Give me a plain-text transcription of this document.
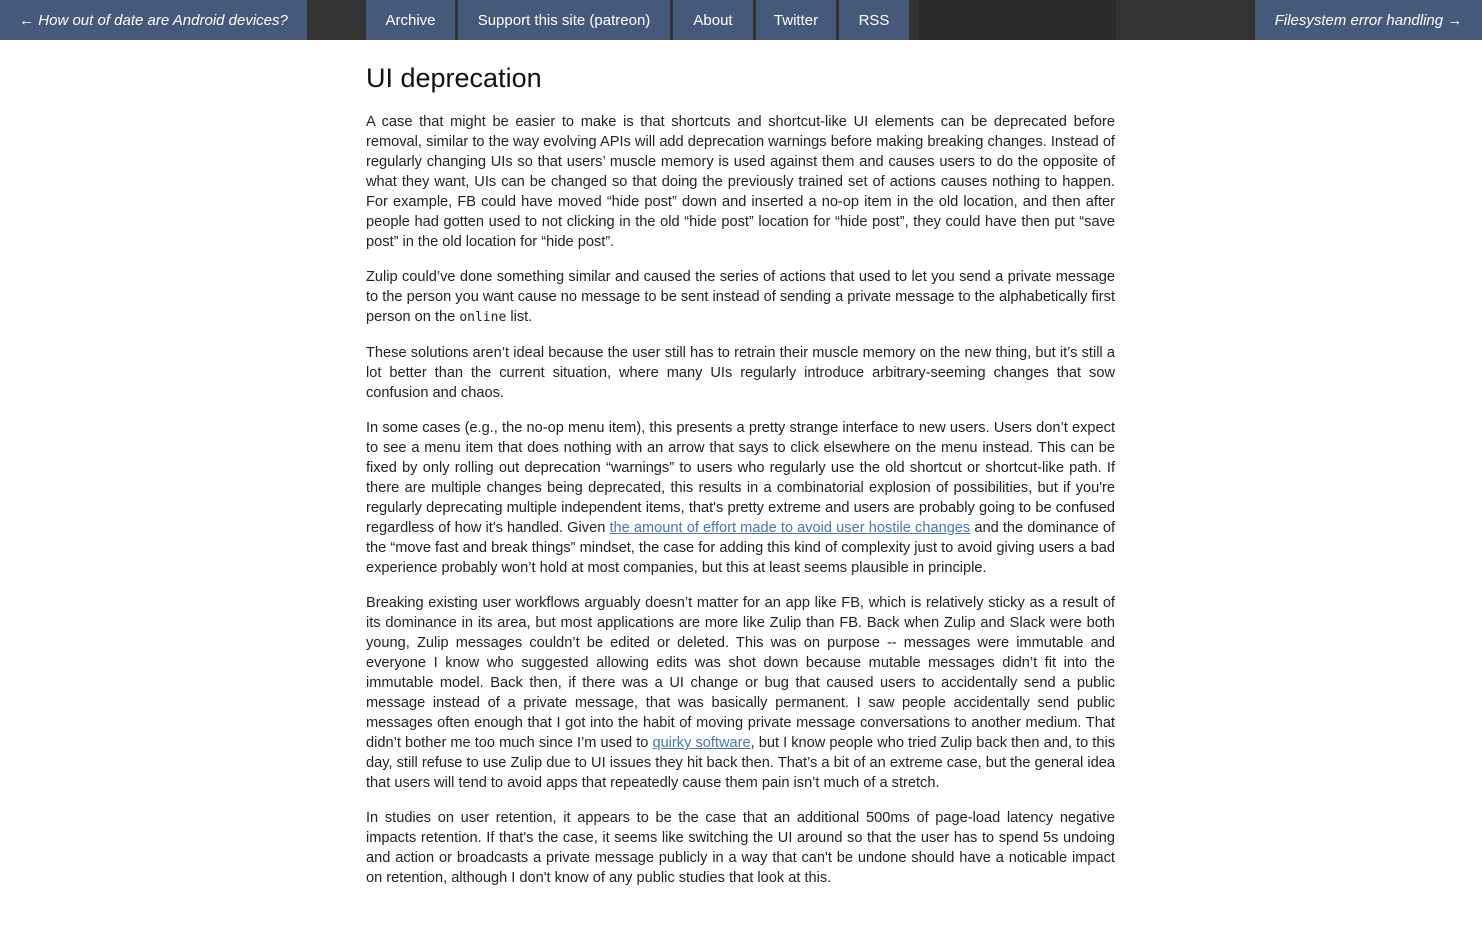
← How out of date are Android devices?	Archive	Support this site (patreon)	About	Twitter	RSS	Filesystem error handling →
UI deprecation

A case that might be easier to make is that shortcuts and shortcut-like UI elements can be deprecated before removal, similar to the way evolving APIs will add deprecation warnings before making breaking changes. Instead of regularly changing UIs so that users’ muscle memory is used against them and causes users to do the opposite of what they want, UIs can be changed so that doing the previously trained set of actions causes nothing to happen. For example, FB could have moved “hide post” down and inserted a no-op item in the old location, and then after people had gotten used to not clicking in the old “hide post” location for “hide post”, they could have then put “save post” in the old location for “hide post”.

Zulip could’ve done something similar and caused the series of actions that used to let you send a private message to the person you want cause no message to be sent instead of sending a private message to the alphabetically first person on the online list.

These solutions aren’t ideal because the user still has to retrain their muscle memory on the new thing, but it’s still a lot better than the current situation, where many UIs regularly introduce arbitrary-seeming changes that sow confusion and chaos.

In some cases (e.g., the no-op menu item), this presents a pretty strange interface to new users. Users don’t expect to see a menu item that does nothing with an arrow that says to click elsewhere on the menu instead. This can be fixed by only rolling out deprecation “warnings” to users who regularly use the old shortcut or shortcut-like path. If there are multiple changes being deprecated, this results in a combinatorial explosion of possibilities, but if you're regularly deprecating multiple independent items, that's pretty extreme and users are probably going to be confused regardless of how it's handled. Given the amount of effort made to avoid user hostile changes and the dominance of the “move fast and break things” mindset, the case for adding this kind of complexity just to avoid giving users a bad experience probably won’t hold at most companies, but this at least seems plausible in principle.

Breaking existing user workflows arguably doesn’t matter for an app like FB, which is relatively sticky as a result of its dominance in its area, but most applications are more like Zulip than FB. Back when Zulip and Slack were both young, Zulip messages couldn’t be edited or deleted. This was on purpose -- messages were immutable and everyone I know who suggested allowing edits was shot down because mutable messages didn’t fit into the immutable model. Back then, if there was a UI change or bug that caused users to accidentally send a public message instead of a private message, that was basically permanent. I saw people accidentally send public messages often enough that I got into the habit of moving private message conversations to another medium. That didn’t bother me too much since I’m used to quirky software, but I know people who tried Zulip back then and, to this day, still refuse to use Zulip due to UI issues they hit back then. That’s a bit of an extreme case, but the general idea that users will tend to avoid apps that repeatedly cause them pain isn’t much of a stretch.

In studies on user retention, it appears to be the case that an additional 500ms of page-load latency negative impacts retention. If that's the case, it seems like switching the UI around so that the user has to spend 5s undoing and action or broadcasts a private message publicly in a way that can't be undone should have a noticable impact on retention, although I don't know of any public studies that look at this.
